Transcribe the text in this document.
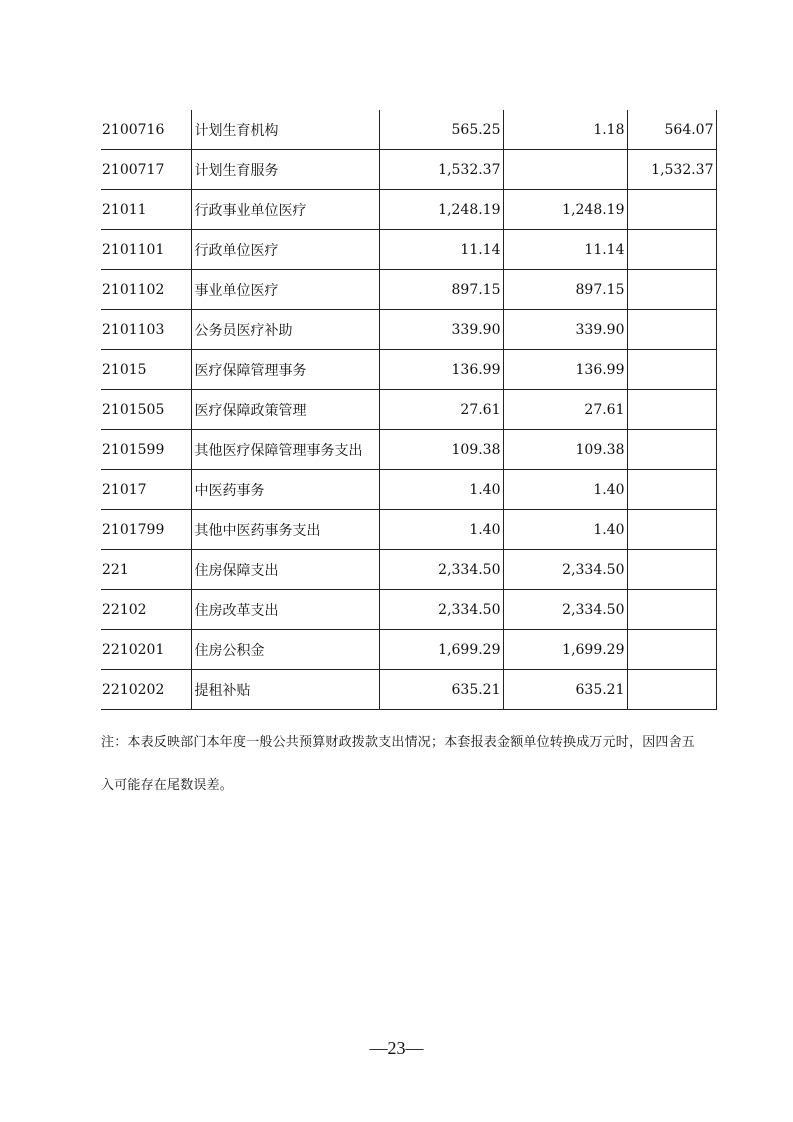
2100716	计划生育机构	565.25	1.18	564.07
2100717	计划生育服务	1,532.37		1,532.37
21011	行政事业单位医疗	1,248.19	1,248.19	
2101101	行政单位医疗	11.14	11.14	
2101102	事业单位医疗	897.15	897.15	
2101103	公务员医疗补助	339.90	339.90	
21015	医疗保障管理事务	136.99	136.99	
2101505	医疗保障政策管理	27.61	27.61	
2101599	其他医疗保障管理事务支出	109.38	109.38	
21017	中医药事务	1.40	1.40	
2101799	其他中医药事务支出	1.40	1.40	
221	住房保障支出	2,334.50	2,334.50	
22102	住房改革支出	2,334.50	2,334.50	
2210201	住房公积金	1,699.29	1,699.29	
2210202	提租补贴	635.21	635.21	
注：本表反映部门本年度一般公共预算财政拨款支出情况；本套报表金额单位转换成万元时，因四舍五入可能存在尾数误差。
—23—
